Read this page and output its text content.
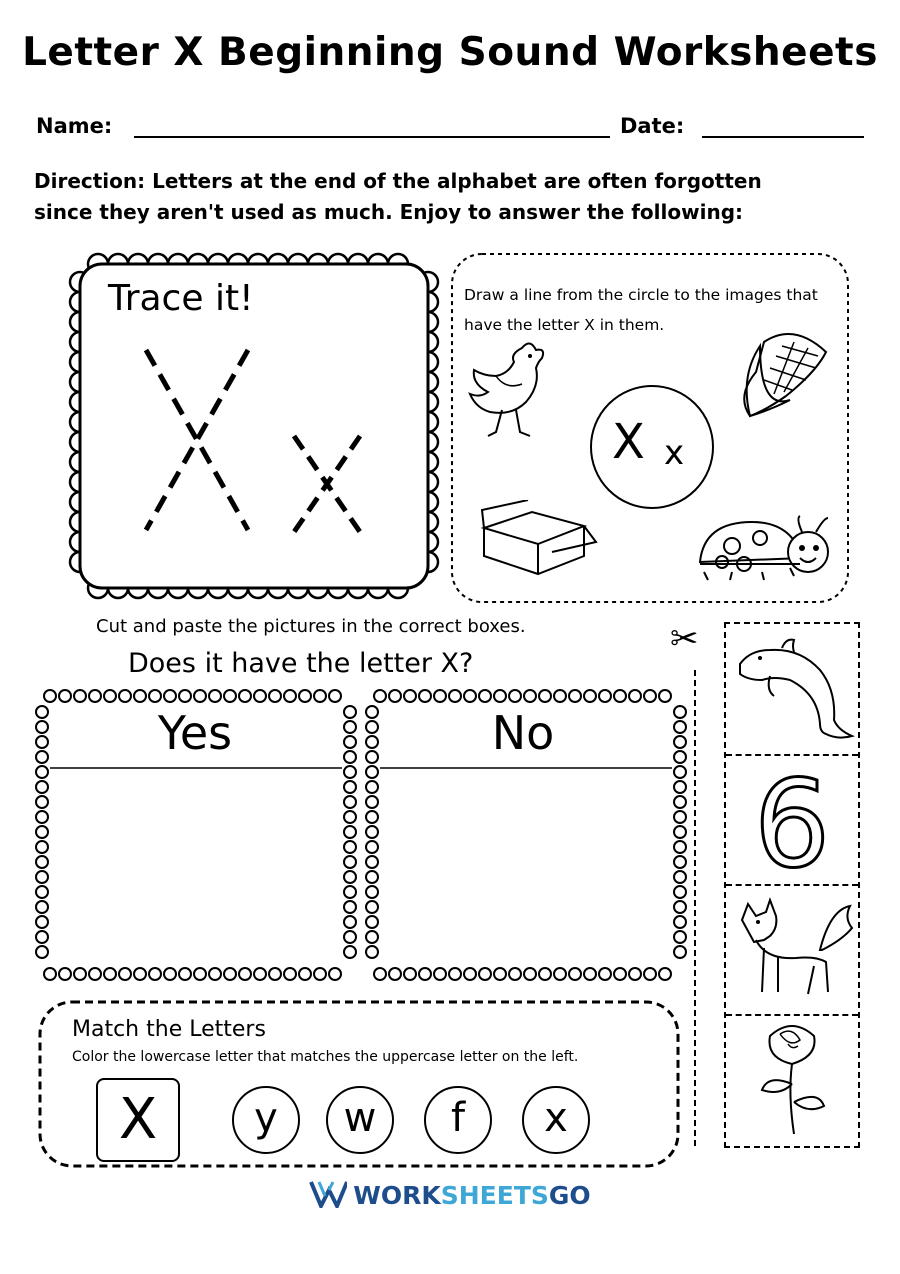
Letter X Beginning Sound Worksheets
Name:	Date:
Direction: Letters at the end of the alphabet are often forgotten
since they aren't used as much. Enjoy to answer the following:
Trace it!	Draw a line from the circle to the images that
have the letter X in them.
X x
Cut and paste the pictures in the correct boxes.
Does it have the letter X?
Yes	No
✂
6
Match the Letters
Color the lowercase letter that matches the uppercase letter on the left.
X	y	w	f	x
WORKSHEETSGO
